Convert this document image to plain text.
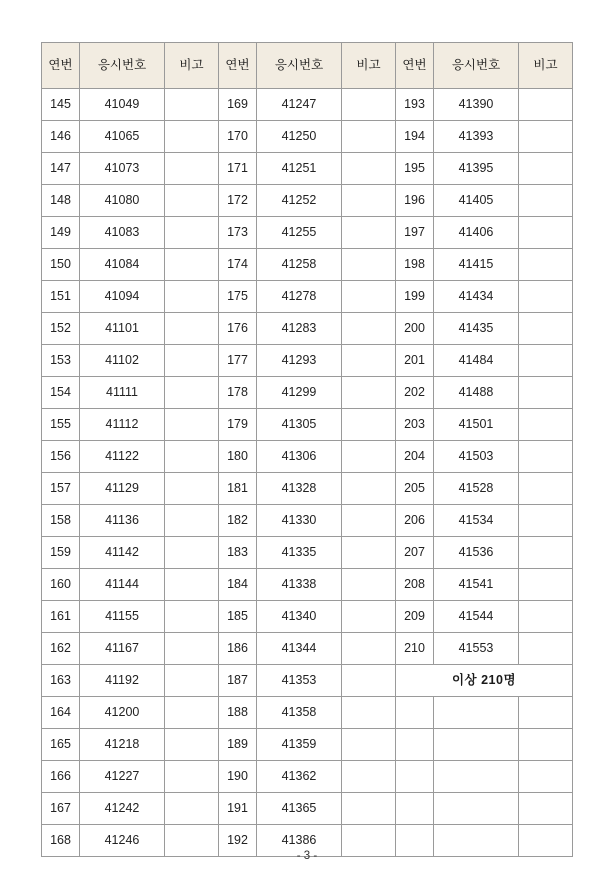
연번	응시번호	비고	연번	응시번호	비고	연번	응시번호	비고
145	41049		169	41247		193	41390	
146	41065		170	41250		194	41393	
147	41073		171	41251		195	41395	
148	41080		172	41252		196	41405	
149	41083		173	41255		197	41406	
150	41084		174	41258		198	41415	
151	41094		175	41278		199	41434	
152	41101		176	41283		200	41435	
153	41102		177	41293		201	41484	
154	41111		178	41299		202	41488	
155	41112		179	41305		203	41501	
156	41122		180	41306		204	41503	
157	41129		181	41328		205	41528	
158	41136		182	41330		206	41534	
159	41142		183	41335		207	41536	
160	41144		184	41338		208	41541	
161	41155		185	41340		209	41544	
162	41167		186	41344		210	41553	
163	41192		187	41353		이상 210명		
164	41200		188	41358				
165	41218		189	41359				
166	41227		190	41362				
167	41242		191	41365				
168	41246		192	41386				
- 3 -
